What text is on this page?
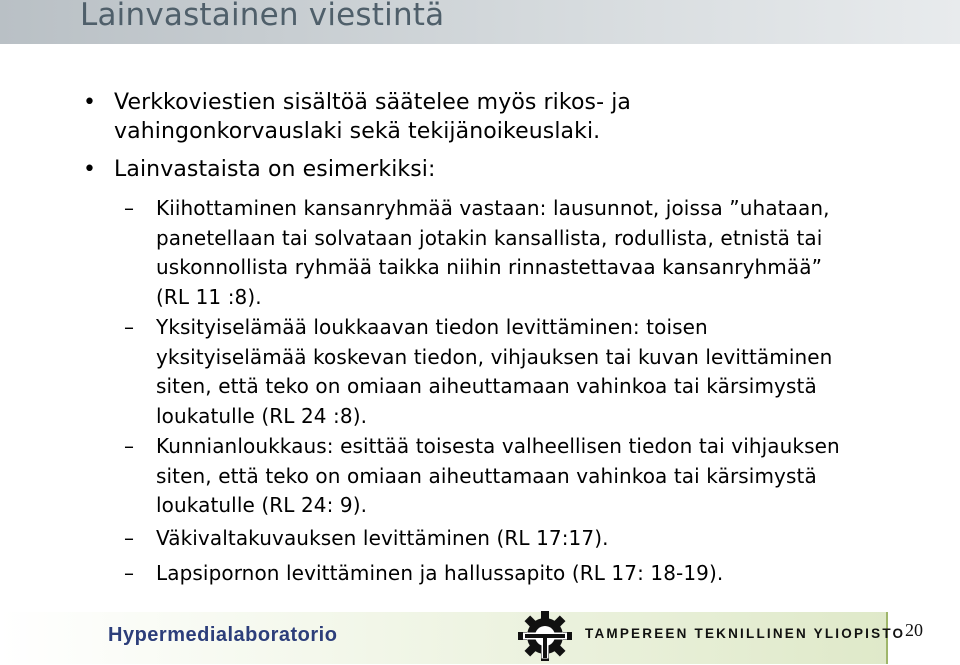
Lainvastainen viestintä
• Verkkoviestien sisältöä säätelee myös rikos- ja
vahingonkorvauslaki sekä tekijänoikeuslaki.
• Lainvastaista on esimerkiksi:
– Kiihottaminen kansanryhmää vastaan: lausunnot, joissa ”uhataan,
panetellaan tai solvataan jotakin kansallista, rodullista, etnistä tai
uskonnollista ryhmää taikka niihin rinnastettavaa kansanryhmää”
(RL 11 :8).
– Yksityiselämää loukkaavan tiedon levittäminen: toisen
yksityiselämää koskevan tiedon, vihjauksen tai kuvan levittäminen
siten, että teko on omiaan aiheuttamaan vahinkoa tai kärsimystä
loukatulle (RL 24 :8).
– Kunnianloukkaus: esittää toisesta valheellisen tiedon tai vihjauksen
siten, että teko on omiaan aiheuttamaan vahinkoa tai kärsimystä
loukatulle (RL 24: 9).
– Väkivaltakuvauksen levittäminen (RL 17:17).
– Lapsipornon levittäminen ja hallussapito (RL 17: 18-19).
Hypermedialaboratorio	TAMPEREEN TEKNILLINEN YLIOPISTO 20
